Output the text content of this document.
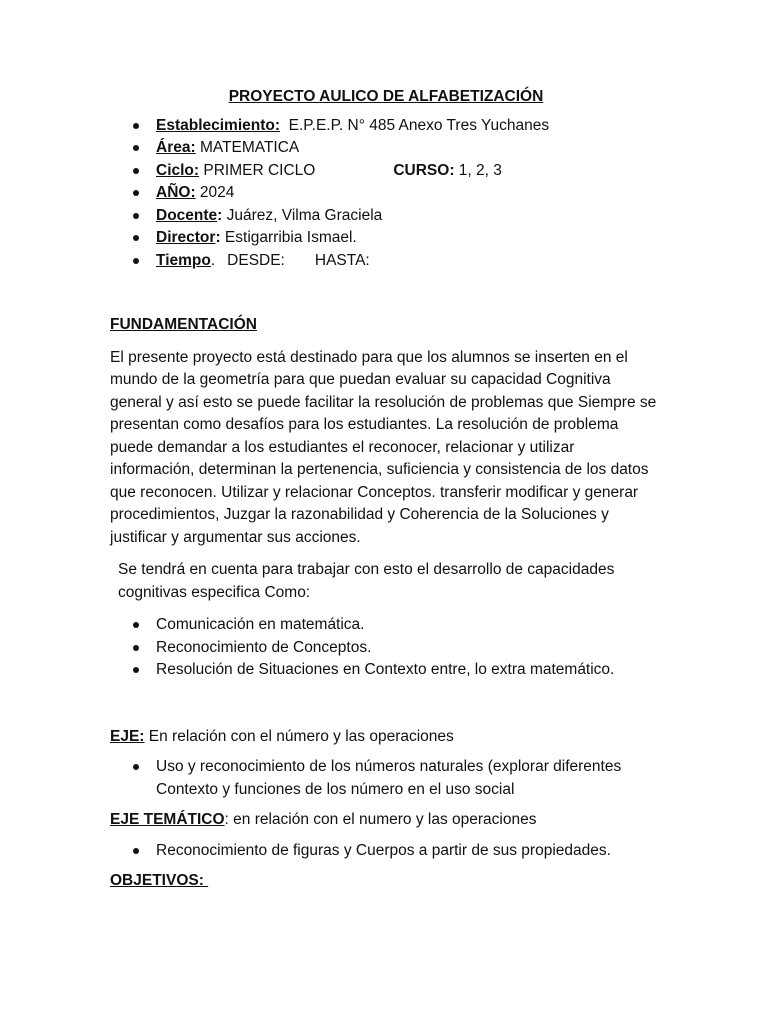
PROYECTO AULICO DE ALFABETIZACIÓN

Establecimiento: E.P.E.P. N° 485 Anexo Tres Yuchanes
Área: MATEMATICA
Ciclo: PRIMER CICLO	CURSO: 1, 2, 3
AÑO: 2024
Docente: Juárez, Vilma Graciela
Director: Estigarribia Ismael.
Tiempo. DESDE: HASTA:

FUNDAMENTACIÓN

El presente proyecto está destinado para que los alumnos se inserten en el mundo de la geometría para que puedan evaluar su capacidad Cognitiva general y así esto se puede facilitar la resolución de problemas que Siempre se presentan como desafíos para los estudiantes. La resolución de problema puede demandar a los estudiantes el reconocer, relacionar y utilizar información, determinan la pertenencia, suficiencia y consistencia de los datos que reconocen. Utilizar y relacionar Conceptos. transferir modificar y generar procedimientos, Juzgar la razonabilidad y Coherencia de la Soluciones y justificar y argumentar sus acciones.

Se tendrá en cuenta para trabajar con esto el desarrollo de capacidades cognitivas especifica Como:

Comunicación en matemática.
Reconocimiento de Conceptos.
Resolución de Situaciones en Contexto entre, lo extra matemático.

EJE: En relación con el número y las operaciones

Uso y reconocimiento de los números naturales (explorar diferentes Contexto y funciones de los número en el uso social

EJE TEMÁTICO: en relación con el numero y las operaciones

Reconocimiento de figuras y Cuerpos a partir de sus propiedades.

OBJETIVOS:
